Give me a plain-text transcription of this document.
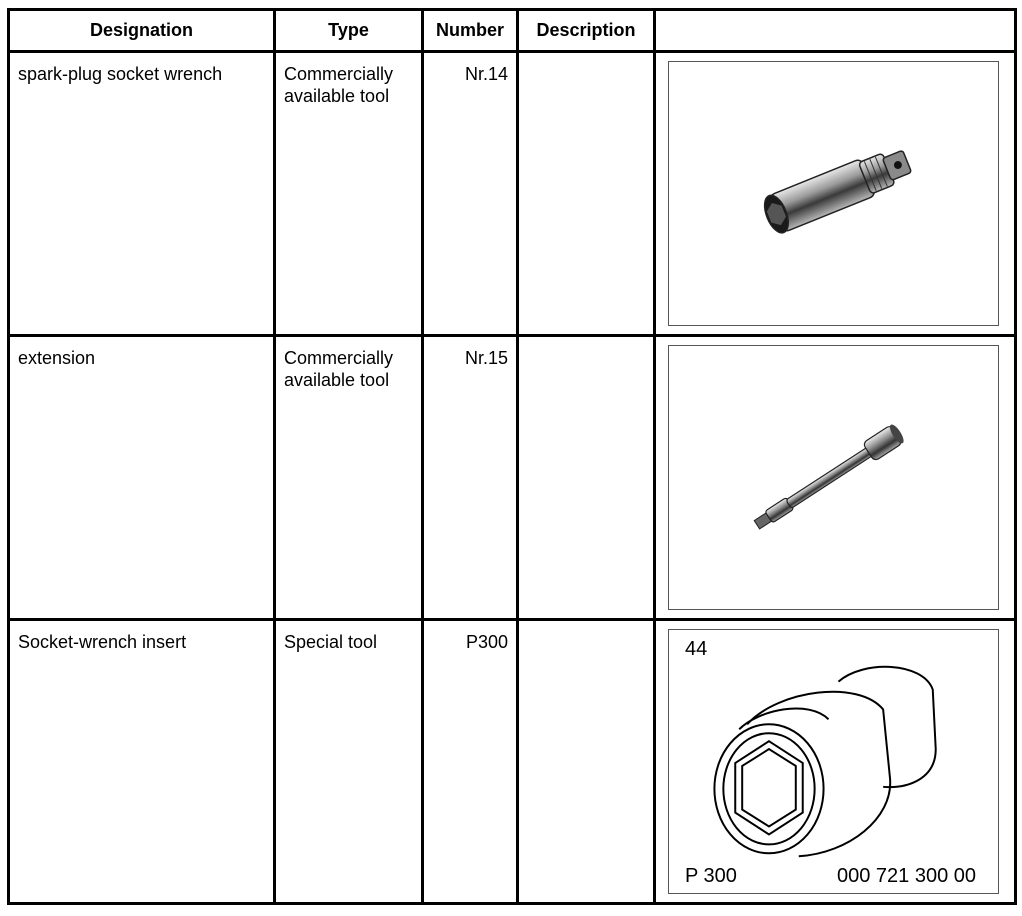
Designation	Type	Number	Description	

spark-plug socket wrench	Commercially available tool	Nr.14

extension	Commercially available tool	Nr.15

Socket-wrench insert	Special tool	P300		44
P 300 000 721 300 00
